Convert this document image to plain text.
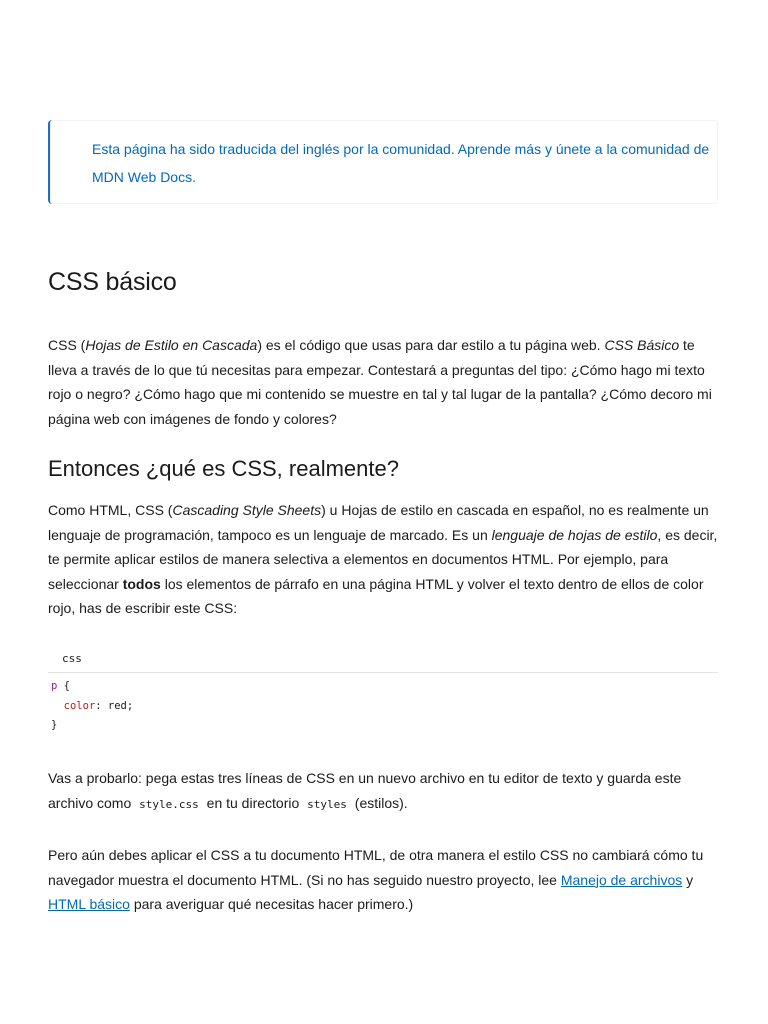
Esta página ha sido traducida del inglés por la comunidad. Aprende más y únete a la comunidad de MDN Web Docs.

CSS básico

CSS (Hojas de Estilo en Cascada) es el código que usas para dar estilo a tu página web. CSS Básico te lleva a través de lo que tú necesitas para empezar. Contestará a preguntas del tipo: ¿Cómo hago mi texto rojo o negro? ¿Cómo hago que mi contenido se muestre en tal y tal lugar de la pantalla? ¿Cómo decoro mi página web con imágenes de fondo y colores?

Entonces ¿qué es CSS, realmente?

Como HTML, CSS (Cascading Style Sheets) u Hojas de estilo en cascada en español, no es realmente un lenguaje de programación, tampoco es un lenguaje de marcado. Es un lenguaje de hojas de estilo, es decir, te permite aplicar estilos de manera selectiva a elementos en documentos HTML. Por ejemplo, para seleccionar todos los elementos de párrafo en una página HTML y volver el texto dentro de ellos de color rojo, has de escribir este CSS:

css
p {
color: red;
}

Vas a probarlo: pega estas tres líneas de CSS en un nuevo archivo en tu editor de texto y guarda este archivo como style.css en tu directorio styles (estilos).

Pero aún debes aplicar el CSS a tu documento HTML, de otra manera el estilo CSS no cambiará cómo tu navegador muestra el documento HTML. (Si no has seguido nuestro proyecto, lee Manejo de archivos y HTML básico para averiguar qué necesitas hacer primero.)
